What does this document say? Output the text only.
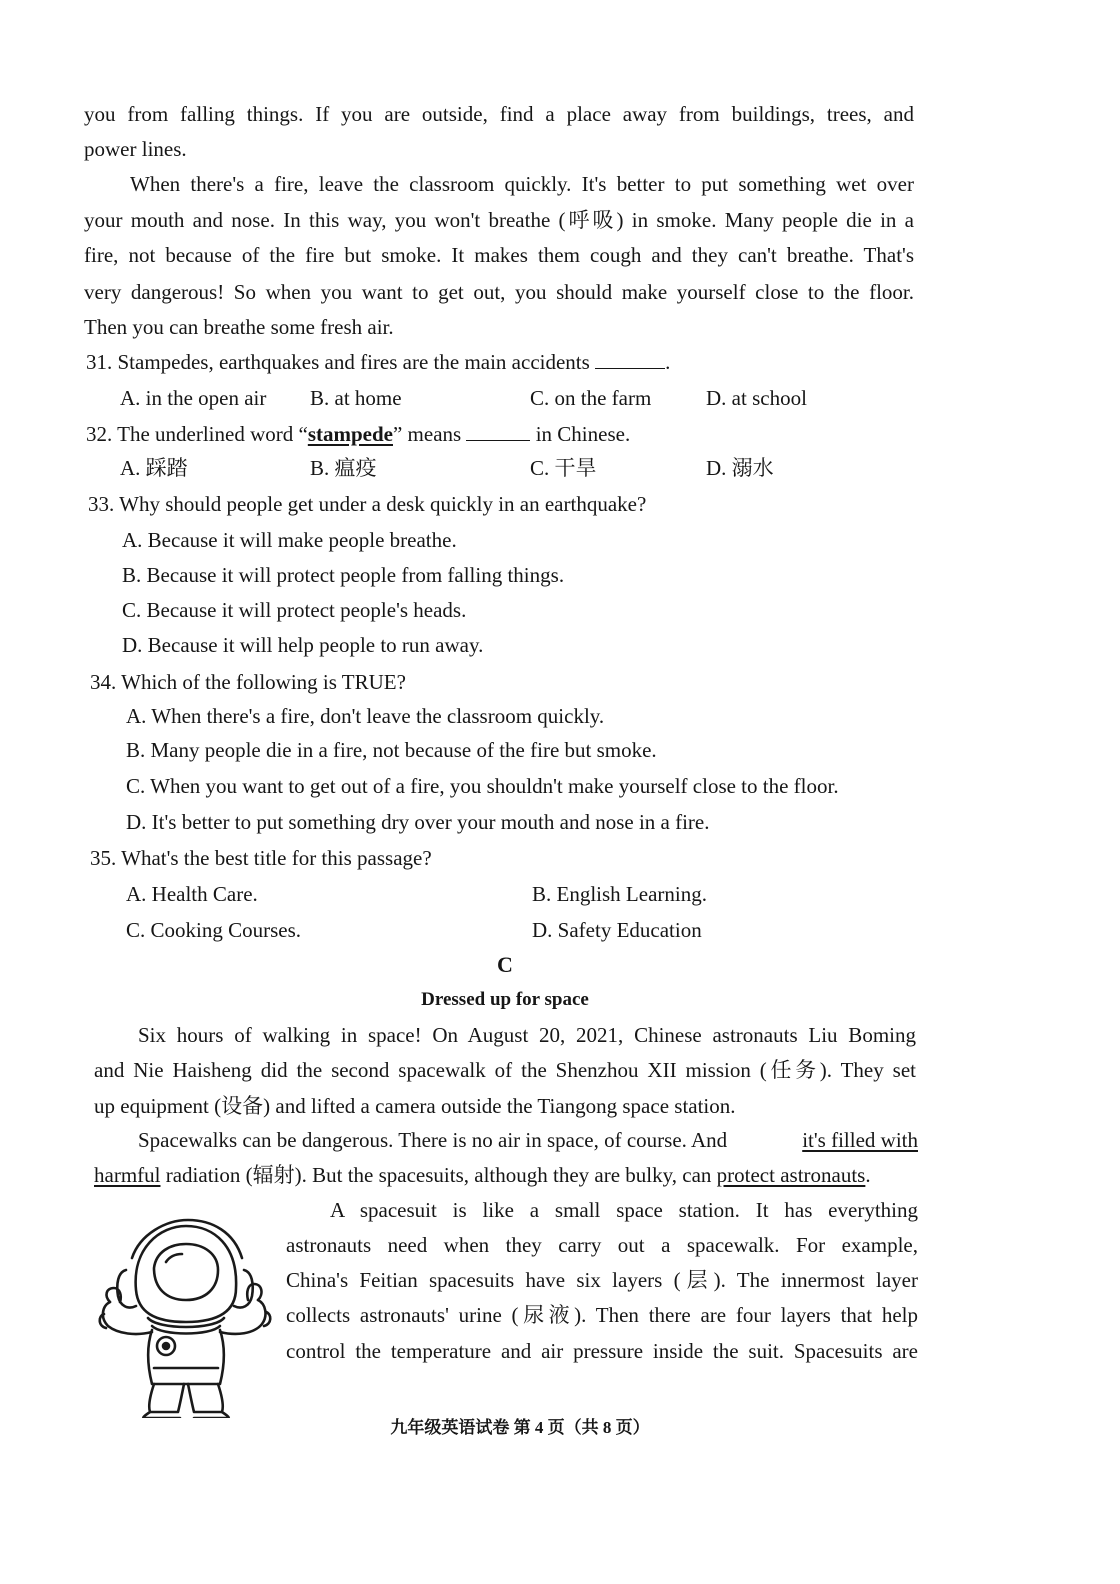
you from falling things. If you are outside, find a place away from buildings, trees, and

power lines.

When there's a fire, leave the classroom quickly. It's better to put something wet over

your mouth and nose. In this way, you won't breathe (呼吸) in smoke. Many people die in a

fire, not because of the fire but smoke. It makes them cough and they can't breathe. That's

very dangerous! So when you want to get out, you should make yourself close to the floor.

Then you can breathe some fresh air.

31. Stampedes, earthquakes and fires are the main accidents	.

A. in the open air B. at home	C. on the farm	D. at school

32. The underlined word “stampede” means	in Chinese.

A. 踩踏	B. 瘟疫	C. 干旱	D. 溺水

33. Why should people get under a desk quickly in an earthquake?

A. Because it will make people breathe.

B. Because it will protect people from falling things.

C. Because it will protect people's heads.

D. Because it will help people to run away.

34. Which of the following is TRUE?

A. When there's a fire, don't leave the classroom quickly.

B. Many people die in a fire, not because of the fire but smoke.

C. When you want to get out of a fire, you shouldn't make yourself close to the floor.

D. It's better to put something dry over your mouth and nose in a fire.

35. What's the best title for this passage?

A. Health Care.	B. English Learning.

C. Cooking Courses.	D. Safety Education

C

Dressed up for space

Six hours of walking in space! On August 20, 2021, Chinese astronauts Liu Boming

and Nie Haisheng did the second spacewalk of the Shenzhou XII mission (任务). They set

up equipment (设备) and lifted a camera outside the Tiangong space station.

Spacewalks can be dangerous. There is no air in space, of course. And	it's filled with

harmful radiation (辐射). But the spacesuits, although they are bulky, can protect astronauts.

A spacesuit is like a small space station. It has everything

astronauts need when they carry out a spacewalk. For example,

China's Feitian spacesuits have six layers (层). The innermost layer

collects astronauts' urine (尿液). Then there are four layers that help

control the temperature and air pressure inside the suit. Spacesuits are

九年级英语试卷 第 4 页（共 8 页）
